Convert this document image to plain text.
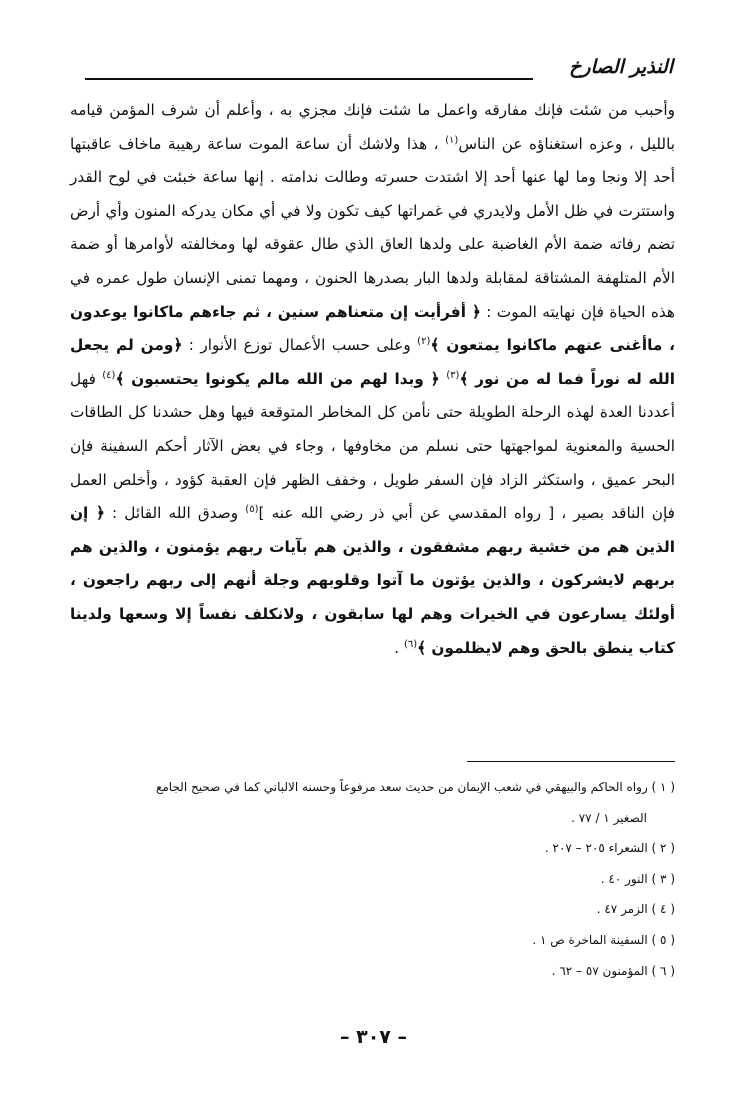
النذير الصارخ

وأحبب من شئت فإنك مفارقه واعمل ما شئت فإنك مجزي به ، وأعلم أن شرف المؤمن قيامه بالليل ، وعزه استغناؤه عن الناس$^{(١)}$ ، هذا ولاشك أن ساعة الموت ساعة رهيبة ماخاف عاقبتها أحد إلا ونجا وما لها عنها أحد إلا اشتدت حسرته وطالت ندامته . إنها ساعة خبئت في لوح القدر واستترت في ظل الأمل ولايدري في غمراتها كيف تكون ولا في أي مكان يدركه المنون وأي أرض تضم رفاته ضمة الأم الغاضبة على ولدها العاق الذي طال عقوقه لها ومخالفته لأوامرها أو ضمة الأم المتلهفة المشتاقة لمقابلة ولدها البار بصدرها الحنون ، ومهما تمنى الإنسان طول عمره في هذه الحياة فإن نهايته الموت : ﴿ أفرأيت إن متعناهم سنين ، ثم جاءهم ماكانوا يوعدون ، ماأغنى عنهم ماكانوا يمتعون ﴾$^{(٢)}$ وعلى حسب الأعمال توزع الأنوار : ﴿ومن لم يجعل الله له نوراً فما له من نور ﴾$^{(٣)}$ ﴿ وبدا لهم من الله مالم يكونوا يحتسبون ﴾$^{(٤)}$ فهل أعددنا العدة لهذه الرحلة الطويلة حتى نأمن كل المخاطر المتوقعة فيها وهل حشدنا كل الطاقات الحسية والمعنوية لمواجهتها حتى نسلم من مخاوفها ، وجاء في بعض الآثار أحكم السفينة فإن البحر عميق ، واستكثر الزاد فإن السفر طويل ، وخفف الظهر فإن العقبة كؤود ، وأخلص العمل فإن الناقد بصير ، [ رواه المقدسي عن أبي ذر رضي الله عنه ]$^{(٥)}$ وصدق الله القائل : ﴿ إن الذين هم من خشية ربهم مشفقون ، والذين هم بآيات ربهم يؤمنون ، والذين هم بربهم لايشركون ، والذين يؤتون ما آتوا وقلوبهم وجلة أنهم إلى ربهم راجعون ، أولئك يسارعون في الخيرات وهم لها سابقون ، ولانكلف نفساً إلا وسعها ولدينا كتاب ينطق بالحق وهم لايظلمون ﴾$^{(٦)}$ .

( ١ ) رواه الحاكم والبيهقي في شعب الإيمان من حديث سعد مرفوعاً وحسنه الالباني كما في صحيح الجامع

الصغير ١ / ٧٧ .

( ٢ ) الشعراء ٢٠٥ – ٢٠٧ .

( ٣ ) النور ٤٠ .

( ٤ ) الزمر ٤٧ .

( ٥ ) السفينة الماخرة ص ١ .

( ٦ ) المؤمنون ٥٧ – ٦٢ .

– ٣٠٧ –
